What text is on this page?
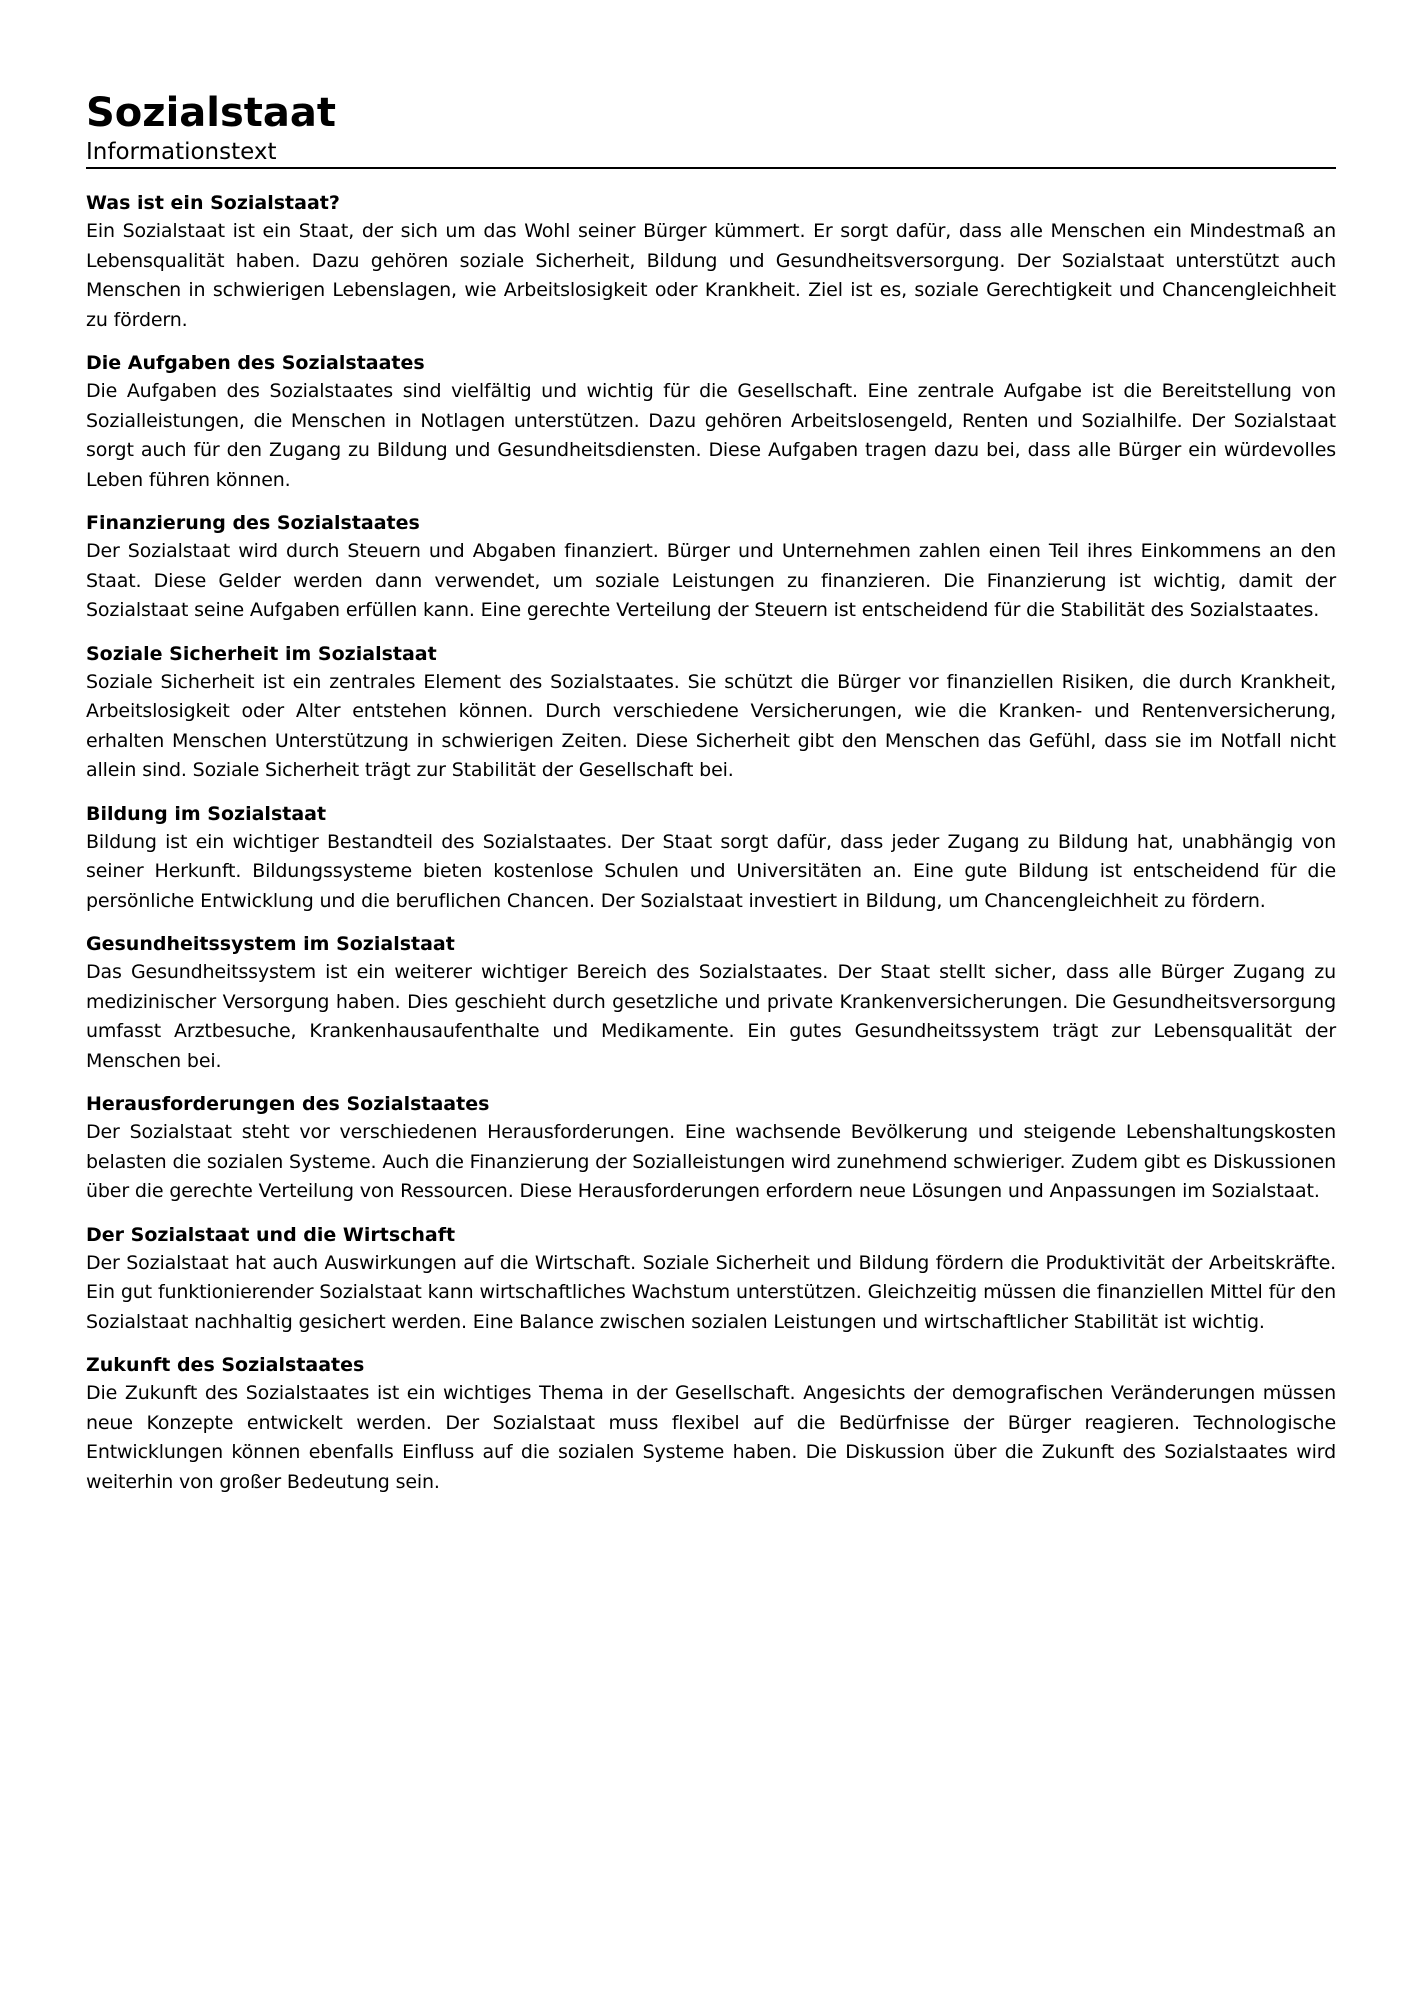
Sozialstaat
Informationstext
Was ist ein Sozialstaat?

Ein Sozialstaat ist ein Staat, der sich um das Wohl seiner Bürger kümmert. Er sorgt dafür, dass alle Menschen ein Mindestmaß an Lebensqualität haben. Dazu gehören soziale Sicherheit, Bildung und Gesundheitsversorgung. Der Sozialstaat unterstützt auch Menschen in schwierigen Lebenslagen, wie Arbeitslosigkeit oder Krankheit. Ziel ist es, soziale Gerechtigkeit und Chancengleichheit zu fördern.

Die Aufgaben des Sozialstaates

Die Aufgaben des Sozialstaates sind vielfältig und wichtig für die Gesellschaft. Eine zentrale Aufgabe ist die Bereitstellung von Sozialleistungen, die Menschen in Notlagen unterstützen. Dazu gehören Arbeitslosengeld, Renten und Sozialhilfe. Der Sozialstaat sorgt auch für den Zugang zu Bildung und Gesundheitsdiensten. Diese Aufgaben tragen dazu bei, dass alle Bürger ein würdevolles Leben führen können.

Finanzierung des Sozialstaates

Der Sozialstaat wird durch Steuern und Abgaben finanziert. Bürger und Unternehmen zahlen einen Teil ihres Einkommens an den Staat. Diese Gelder werden dann verwendet, um soziale Leistungen zu finanzieren. Die Finanzierung ist wichtig, damit der Sozialstaat seine Aufgaben erfüllen kann. Eine gerechte Verteilung der Steuern ist entscheidend für die Stabilität des Sozialstaates.

Soziale Sicherheit im Sozialstaat

Soziale Sicherheit ist ein zentrales Element des Sozialstaates. Sie schützt die Bürger vor finanziellen Risiken, die durch Krankheit, Arbeitslosigkeit oder Alter entstehen können. Durch verschiedene Versicherungen, wie die Kranken- und Rentenversicherung, erhalten Menschen Unterstützung in schwierigen Zeiten. Diese Sicherheit gibt den Menschen das Gefühl, dass sie im Notfall nicht allein sind. Soziale Sicherheit trägt zur Stabilität der Gesellschaft bei.

Bildung im Sozialstaat

Bildung ist ein wichtiger Bestandteil des Sozialstaates. Der Staat sorgt dafür, dass jeder Zugang zu Bildung hat, unabhängig von seiner Herkunft. Bildungssysteme bieten kostenlose Schulen und Universitäten an. Eine gute Bildung ist entscheidend für die persönliche Entwicklung und die beruflichen Chancen. Der Sozialstaat investiert in Bildung, um Chancengleichheit zu fördern.

Gesundheitssystem im Sozialstaat

Das Gesundheitssystem ist ein weiterer wichtiger Bereich des Sozialstaates. Der Staat stellt sicher, dass alle Bürger Zugang zu medizinischer Versorgung haben. Dies geschieht durch gesetzliche und private Krankenversicherungen. Die Gesundheitsversorgung umfasst Arztbesuche, Krankenhausaufenthalte und Medikamente. Ein gutes Gesundheitssystem trägt zur Lebensqualität der Menschen bei.

Herausforderungen des Sozialstaates

Der Sozialstaat steht vor verschiedenen Herausforderungen. Eine wachsende Bevölkerung und steigende Lebenshaltungskosten belasten die sozialen Systeme. Auch die Finanzierung der Sozialleistungen wird zunehmend schwieriger. Zudem gibt es Diskussionen über die gerechte Verteilung von Ressourcen. Diese Herausforderungen erfordern neue Lösungen und Anpassungen im Sozialstaat.

Der Sozialstaat und die Wirtschaft

Der Sozialstaat hat auch Auswirkungen auf die Wirtschaft. Soziale Sicherheit und Bildung fördern die Produktivität der Arbeitskräfte. Ein gut funktionierender Sozialstaat kann wirtschaftliches Wachstum unterstützen. Gleichzeitig müssen die finanziellen Mittel für den Sozialstaat nachhaltig gesichert werden. Eine Balance zwischen sozialen Leistungen und wirtschaftlicher Stabilität ist wichtig.

Zukunft des Sozialstaates

Die Zukunft des Sozialstaates ist ein wichtiges Thema in der Gesellschaft. Angesichts der demografischen Veränderungen müssen neue Konzepte entwickelt werden. Der Sozialstaat muss flexibel auf die Bedürfnisse der Bürger reagieren. Technologische Entwicklungen können ebenfalls Einfluss auf die sozialen Systeme haben. Die Diskussion über die Zukunft des Sozialstaates wird weiterhin von großer Bedeutung sein.
